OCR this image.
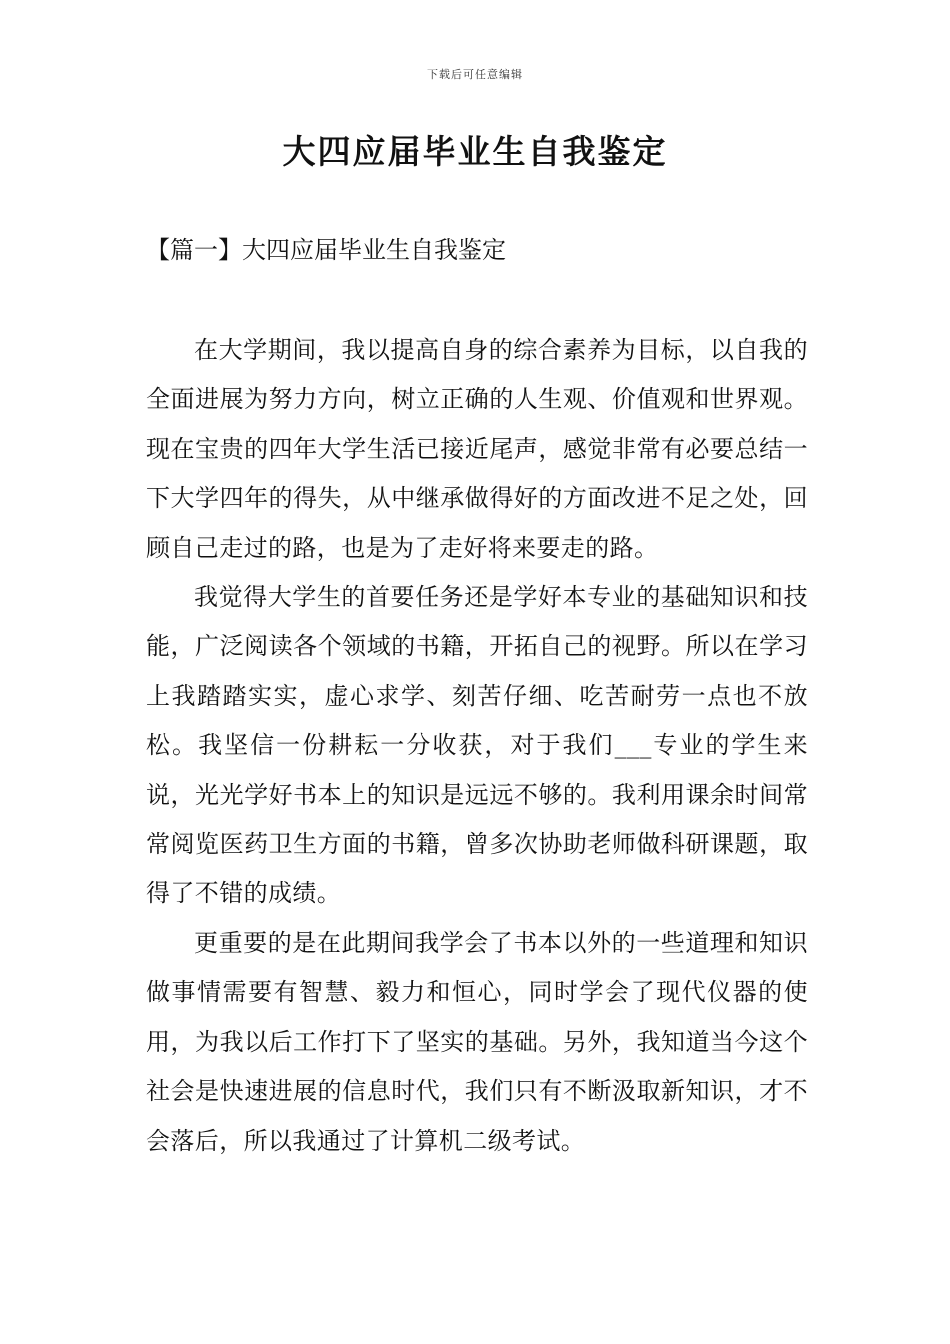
下载后可任意编辑
大四应届毕业生自我鉴定
【篇一】大四应届毕业生自我鉴定

在大学期间，我以提高自身的综合素养为目标，以自我的全面进展为努力方向，树立正确的人生观、价值观和世界观。现在宝贵的四年大学生活已接近尾声，感觉非常有必要总结一下大学四年的得失，从中继承做得好的方面改进不足之处，回顾自己走过的路，也是为了走好将来要走的路。

我觉得大学生的首要任务还是学好本专业的基础知识和技能，广泛阅读各个领域的书籍，开拓自己的视野。所以在学习上我踏踏实实，虚心求学、刻苦仔细、吃苦耐劳一点也不放松。我坚信一份耕耘一分收获，对于我们___专业的学生来说，光光学好书本上的知识是远远不够的。我利用课余时间常常阅览医药卫生方面的书籍，曾多次协助老师做科研课题，取得了不错的成绩。

更重要的是在此期间我学会了书本以外的一些道理和知识做事情需要有智慧、毅力和恒心，同时学会了现代仪器的使用，为我以后工作打下了坚实的基础。另外，我知道当今这个社会是快速进展的信息时代，我们只有不断汲取新知识，才不会落后，所以我通过了计算机二级考试。
